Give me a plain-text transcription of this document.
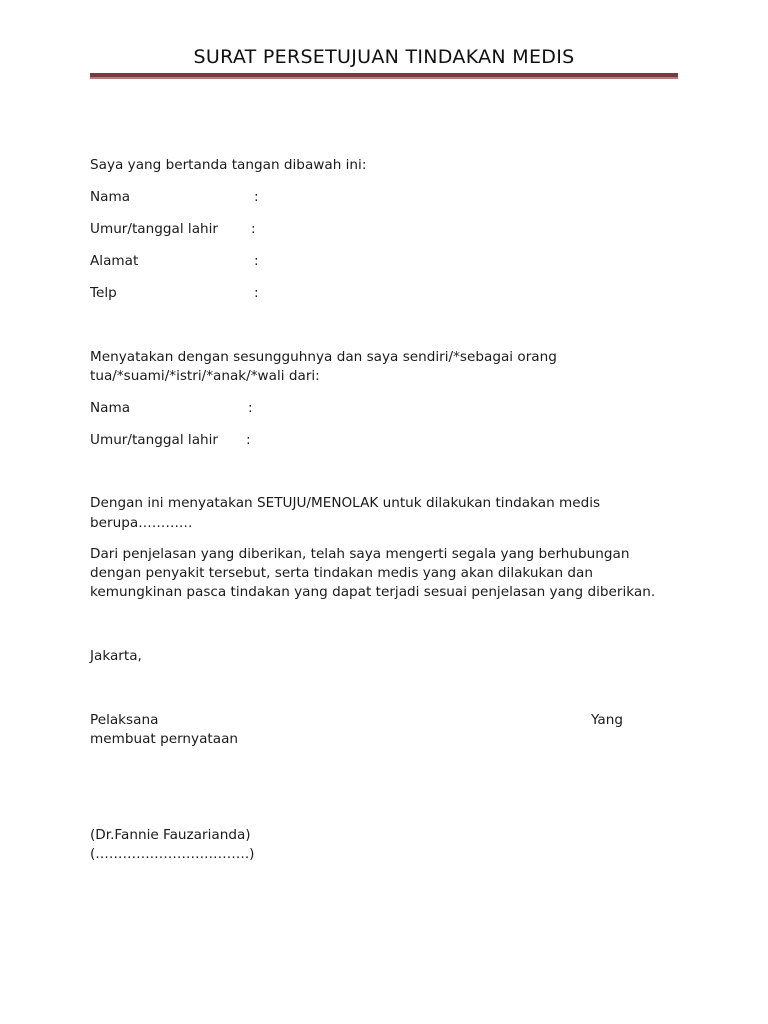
SURAT PERSETUJUAN TINDAKAN MEDIS
Saya yang bertanda tangan dibawah ini:
Nama	:
Umur/tanggal lahir :
Alamat	:
Telp	:
Menyatakan dengan sesungguhnya dan saya sendiri/*sebagai orang
tua/*suami/*istri/*anak/*wali dari:
Nama	:
Umur/tanggal lahir :
Dengan ini menyatakan SETUJU/MENOLAK untuk dilakukan tindakan medis
berupa…………
Dari penjelasan yang diberikan, telah saya mengerti segala yang berhubungan
dengan penyakit tersebut, serta tindakan medis yang akan dilakukan dan
kemungkinan pasca tindakan yang dapat terjadi sesuai penjelasan yang diberikan.
Jakarta,
Pelaksana	Yang
membuat pernyataan
(Dr.Fannie Fauzarianda)
(…………………………….)
